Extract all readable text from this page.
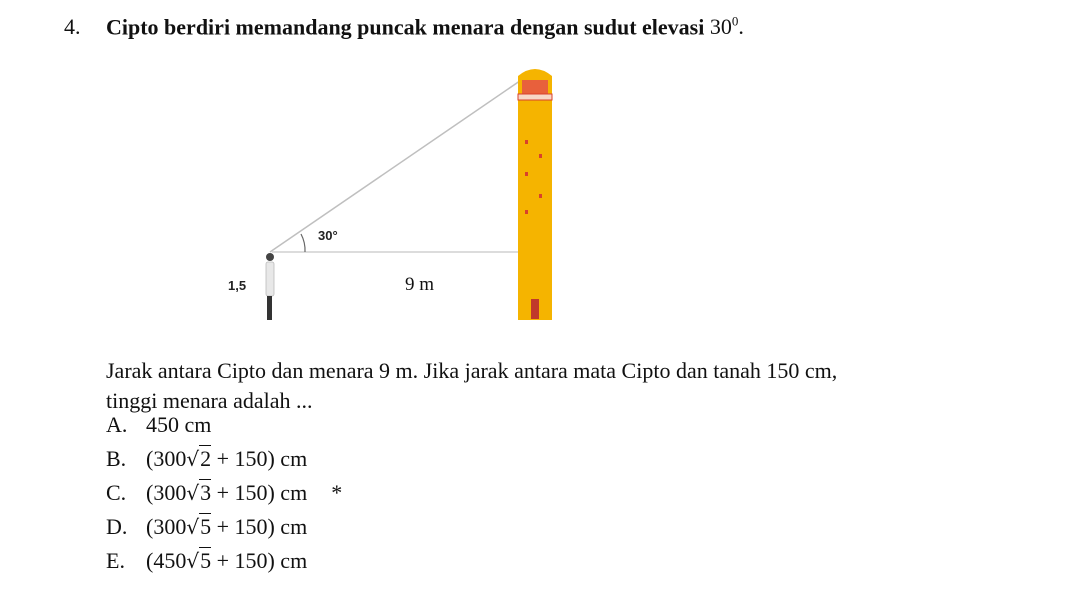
4. Cipto berdiri memandang puncak menara dengan sudut elevasi $30^0$.
30°
1,5	9 m
Jarak antara Cipto dan menara 9 m. Jika jarak antara mata Cipto dan tanah 150 cm,
tinggi menara adalah ...
A. 450 cm
B. (300√2 + 150) cm
C. (300√3 + 150) cm *
D. (300√5 + 150) cm
E. (450√5 + 150) cm
